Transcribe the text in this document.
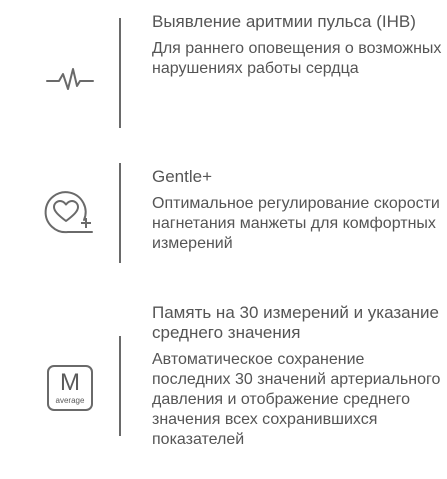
Выявление аритмии пульса (IHB)

Для раннего оповещения о возможных нарушениях работы сердца

Gentle+

Оптимальное регулирование скорости нагнетания манжеты для комфортных измерений

M
average

Память на 30 измерений и указание среднего значения

Автоматическое сохранение последних 30 значений артериального давления и отображение среднего значения всех сохранившихся показателей
